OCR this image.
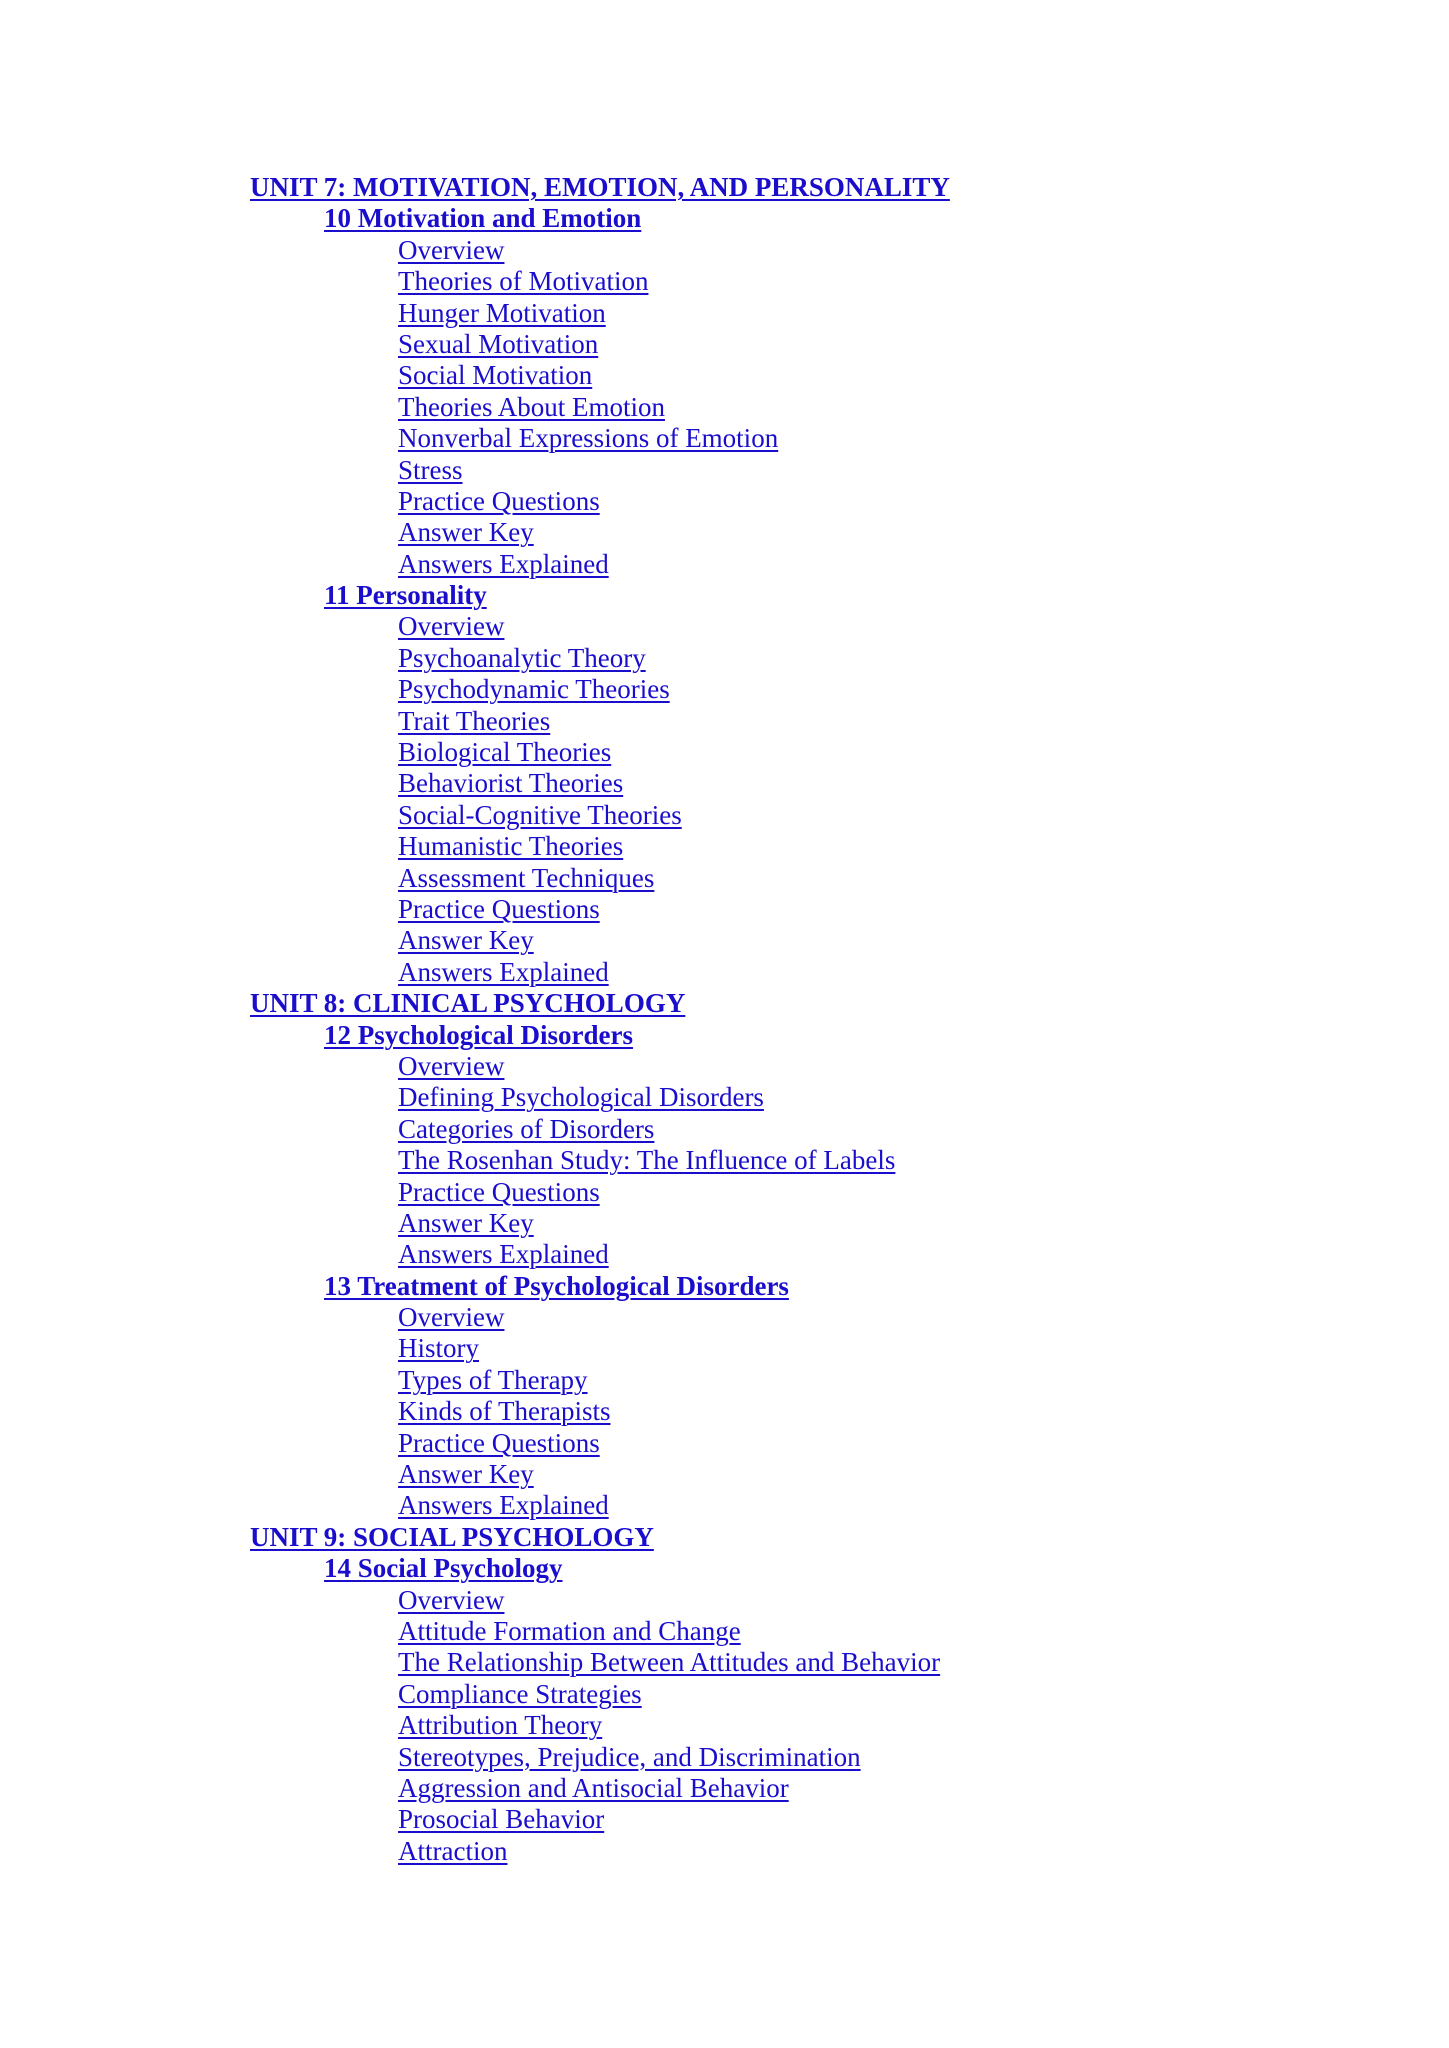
UNIT 7: MOTIVATION, EMOTION, AND PERSONALITY
10 Motivation and Emotion
Overview
Theories of Motivation
Hunger Motivation
Sexual Motivation
Social Motivation
Theories About Emotion
Nonverbal Expressions of Emotion
Stress
Practice Questions
Answer Key
Answers Explained
11 Personality
Overview
Psychoanalytic Theory
Psychodynamic Theories
Trait Theories
Biological Theories
Behaviorist Theories
Social-Cognitive Theories
Humanistic Theories
Assessment Techniques
Practice Questions
Answer Key
Answers Explained
UNIT 8: CLINICAL PSYCHOLOGY
12 Psychological Disorders
Overview
Defining Psychological Disorders
Categories of Disorders
The Rosenhan Study: The Influence of Labels
Practice Questions
Answer Key
Answers Explained
13 Treatment of Psychological Disorders
Overview
History
Types of Therapy
Kinds of Therapists
Practice Questions
Answer Key
Answers Explained
UNIT 9: SOCIAL PSYCHOLOGY
14 Social Psychology
Overview
Attitude Formation and Change
The Relationship Between Attitudes and Behavior
Compliance Strategies
Attribution Theory
Stereotypes, Prejudice, and Discrimination
Aggression and Antisocial Behavior
Prosocial Behavior
Attraction
